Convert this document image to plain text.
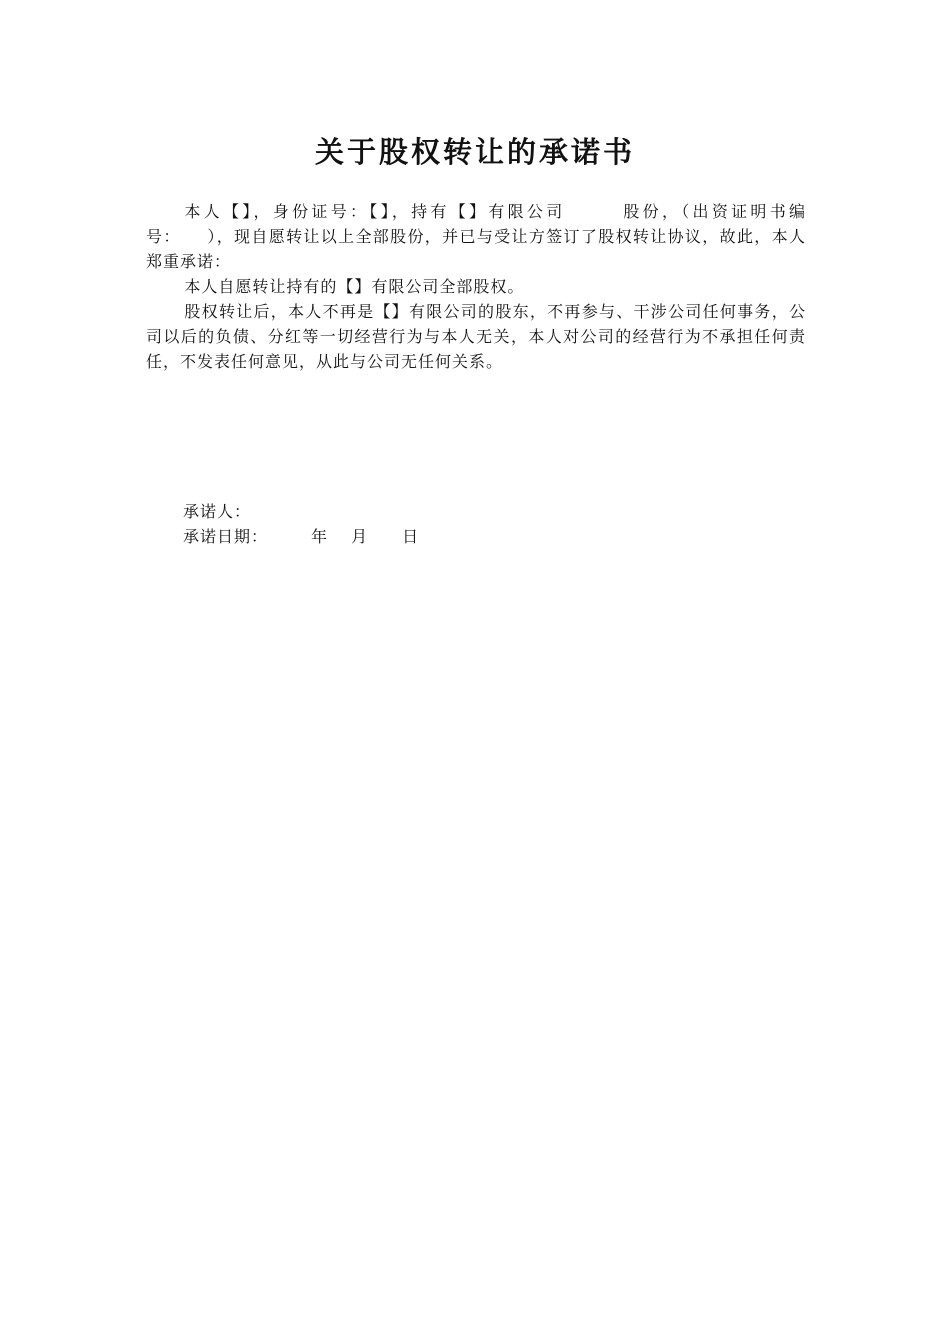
关于股权转让的承诺书

本人【】，身份证号：【】，持有【】有限公司　　　股份，（出资证明书编号：　　），现自愿转让以上全部股份，并已与受让方签订了股权转让协议，故此，本人郑重承诺：

本人自愿转让持有的【】有限公司全部股权。

股权转让后，本人不再是【】有限公司的股东，不再参与、干涉公司任何事务，公司以后的负债、分红等一切经营行为与本人无关，本人对公司的经营行为不承担任何责任，不发表任何意见，从此与公司无任何关系。

承诺人：
承诺日期：　　　年　 月　　日
